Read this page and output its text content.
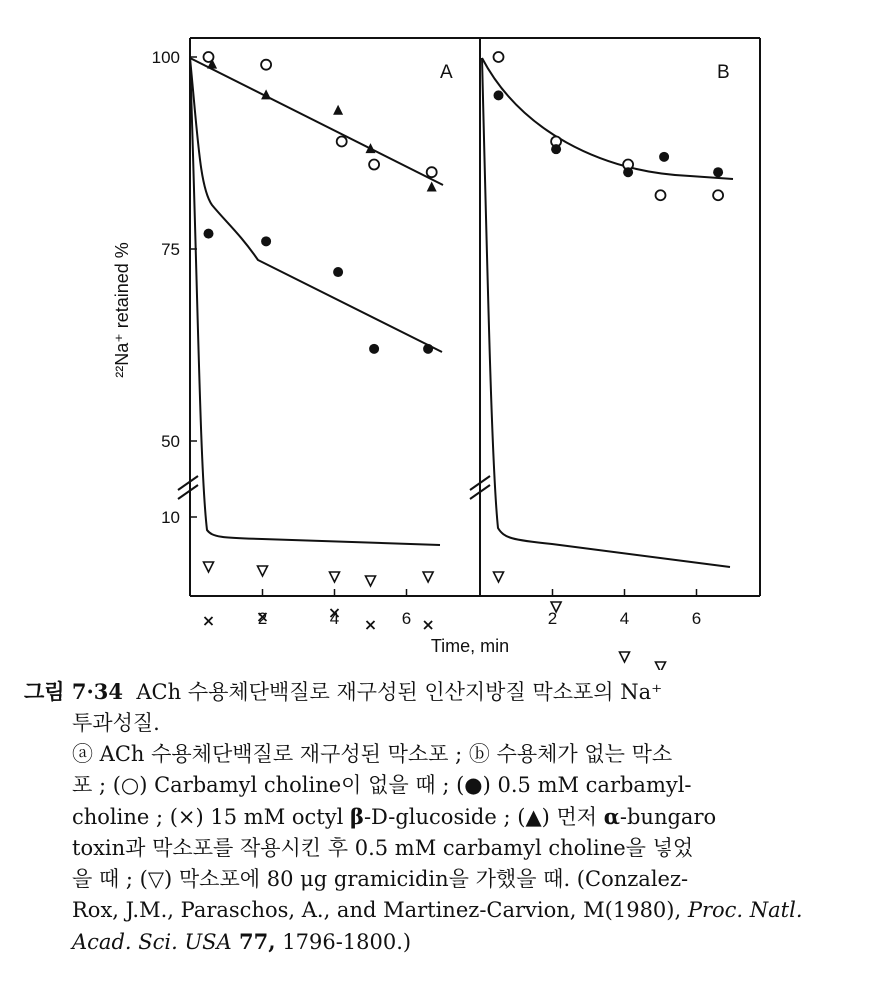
A
²²Na⁺ retained %
100
75
50
10
2	4	6
B
2	4	6
Time, min

그림 7·34 ACh 수용체단백질로 재구성된 인산지방질 막소포의 Na⁺

투과성질.

ⓐ ACh 수용체단백질로 재구성된 막소포 ; ⓑ 수용체가 없는 막소

포 ; (○) Carbamyl choline이 없을 때 ; (●) 0.5 mM carbamyl-

choline ; (×) 15 mM octyl β-D-glucoside ; (▲) 먼저 α-bungaro

toxin과 막소포를 작용시킨 후 0.5 mM carbamyl choline을 넣었

을 때 ; (▽) 막소포에 80 μg gramicidin을 가했을 때. (Conzalez-

Rox, J.M., Paraschos, A., and Martinez-Carvion, M(1980), Proc. Natl.

Acad. Sci. USA 77, 1796-1800.)
